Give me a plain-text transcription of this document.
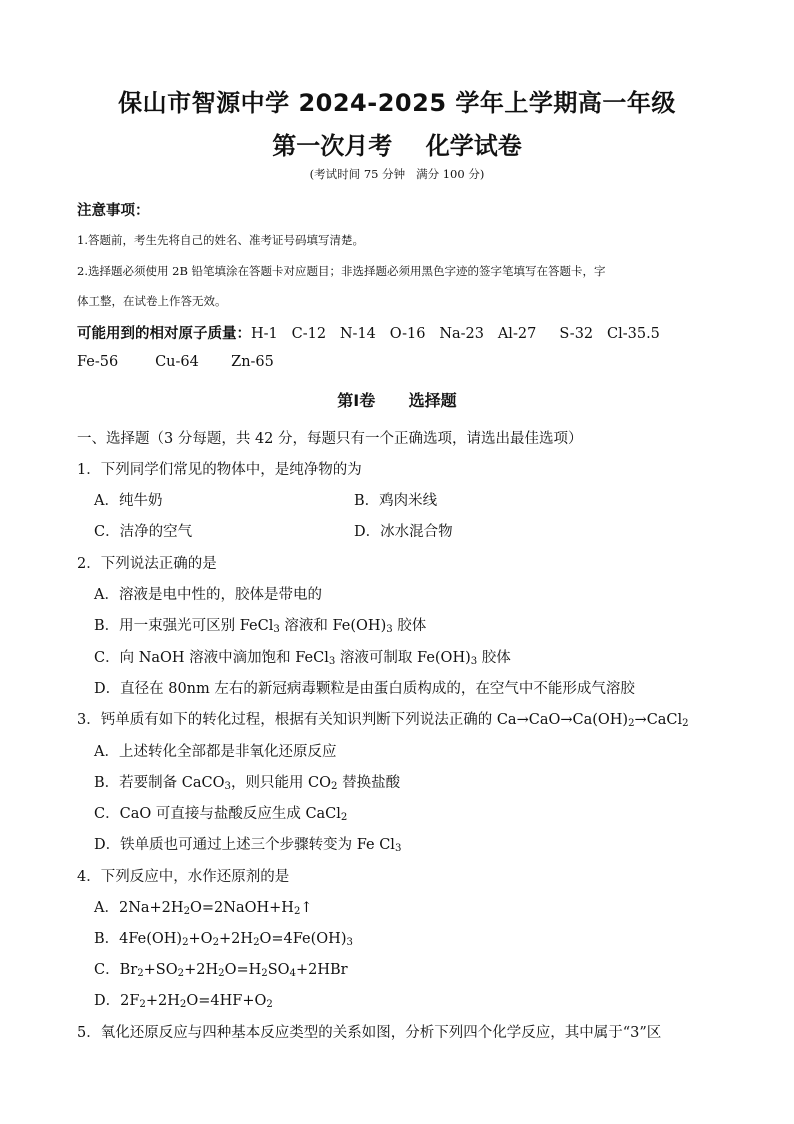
保山市智源中学 2024-2025 学年上学期高一年级
第一次月考    化学试卷
(考试时间 75 分钟   满分 100 分)
注意事项：
1.答题前，考生先将自己的姓名、准考证号码填写清楚。
2.选择题必须使用 2B 铅笔填涂在答题卡对应题目；非选择题必须用黑色字迹的签字笔填写在答题卡，字
体工整，在试卷上作答无效。
可能用到的相对原子质量：H-1   C-12   N-14   O-16   Na-23   Al-27     S-32   Cl-35.5
Fe-56        Cu-64       Zn-65
第Ⅰ卷      选择题
一、选择题（3 分每题，共 42 分，每题只有一个正确选项，请选出最佳选项）
1．下列同学们常见的物体中，是纯净物的为
A．纯牛奶	B．鸡肉米线
C．洁净的空气	D．冰水混合物
2．下列说法正确的是
A．溶液是电中性的，胶体是带电的
B．用一束强光可区别 FeCl$_3$ 溶液和 $Fe(OH)_3$ 胶体
C．向 NaOH 溶液中滴加饱和 FeCl$_3$ 溶液可制取 $Fe(OH)_3$ 胶体
D．直径在 80nm 左右的新冠病毒颗粒是由蛋白质构成的，在空气中不能形成气溶胶
3．钙单质有如下的转化过程，根据有关知识判断下列说法正确的 $Ca\to CaO\to Ca(OH)_2\to CaCl_2$
A．上述转化全部都是非氧化还原反应
B．若要制备 CaCO$_3$，则只能用 $CO_2$ 替换盐酸
C．CaO 可直接与盐酸反应生成 CaCl$_2$
D．铁单质也可通过上述三个步骤转变为 Fe $Cl_3$
4．下列反应中，水作还原剂的是
A．$2Na+2H_2O=2NaOH+H_2↑$
B．$4Fe(OH)_2+O_2+2H_2O=4Fe(OH)_3$
C．$Br_2+SO_2+2H_2O=H_2SO_4+2HBr$
D．$2F_2+2H_2O=4HF+O_2$
5．氧化还原反应与四种基本反应类型的关系如图，分析下列四个化学反应，其中属于“3”区
